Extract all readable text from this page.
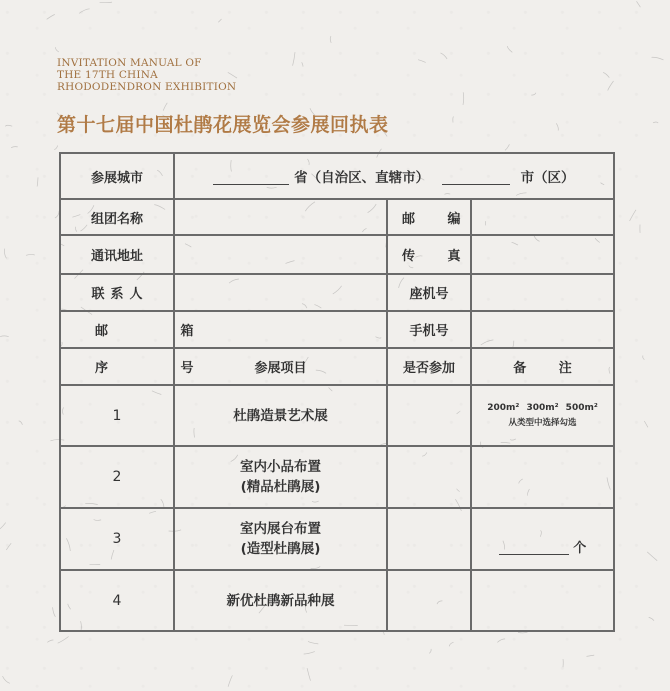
INVITATION MANUAL OF
THE 17TH CHINA
RHODODENDRON EXHIBITION
第十七届中国杜鹃花展览会参展回执表
参展城市	省（自治区、直辖市） 市（区）		
组团名称		邮 编	
通讯地址		传 真	
联系人		座机号	
邮 箱		手机号	
序 号	参展项目	是否参加	备 注
1	杜鹃造景艺术展		200m² 300m² 500m²
从类型中选择勾选

2	室内小品布置
(精品杜鹃展)		

3	室内展台布置
(造型杜鹃展)		个
4	新优杜鹃新品种展		
